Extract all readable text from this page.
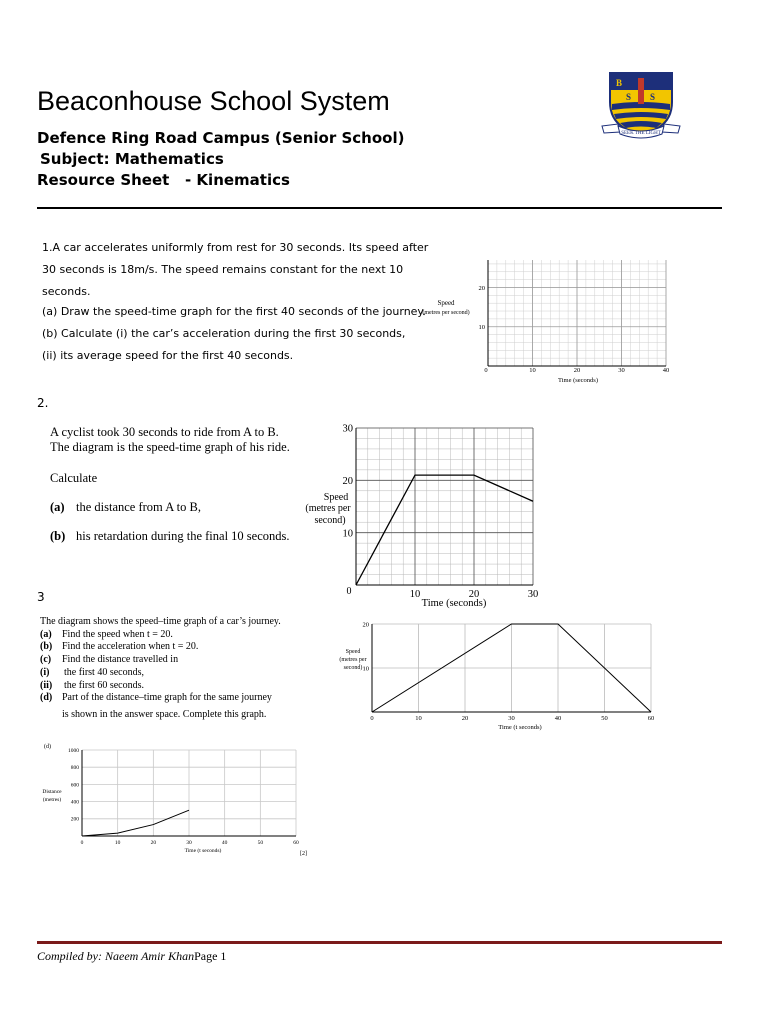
Beaconhouse School System
Defence Ring Road Campus (Senior School)
Subject: Mathematics
Resource Sheet   - Kinematics
B
S S
SEEK THE LIGHT
1.A car accelerates uniformly from rest for 30 seconds. Its speed after
30 seconds is 18m/s. The speed remains constant for the next 10
seconds.
(a) Draw the speed-time graph for the first 40 seconds of the journey.
(b) Calculate (i) the car’s acceleration during the first 30 seconds,
(ii) its average speed for the first 40 seconds.
10	20	30	40
10
20
Speed
(metres per second)
Time (seconds)
0
2.
A cyclist took 30 seconds to ride from A to B.
The diagram is the speed-time graph of his ride.
Calculate
(a) the distance from A to B,
(b) his retardation during the final 10 seconds.
10	20	30
10
20
30
Speed
(metres per
second)
Time (seconds)
0
3
The diagram shows the speed–time graph of a car’s journey.
(a) Find the speed when t = 20.
(b) Find the acceleration when t = 20.
(c) Find the distance travelled in
(i) the first 40 seconds,
(ii) the first 60 seconds.
(d) Part of the distance–time graph for the same journey
is shown in the answer space. Complete this graph.	0	10	20	30	40	50	60
10
20
Speed
(metres per
second)
Time (t seconds)
0	10	20	30	40	50	60
200
400
600
800
1000
(d)
Distance
(metres)
Time (t seconds)	[2]
Compiled by: Naeem Amir KhanPage 1
